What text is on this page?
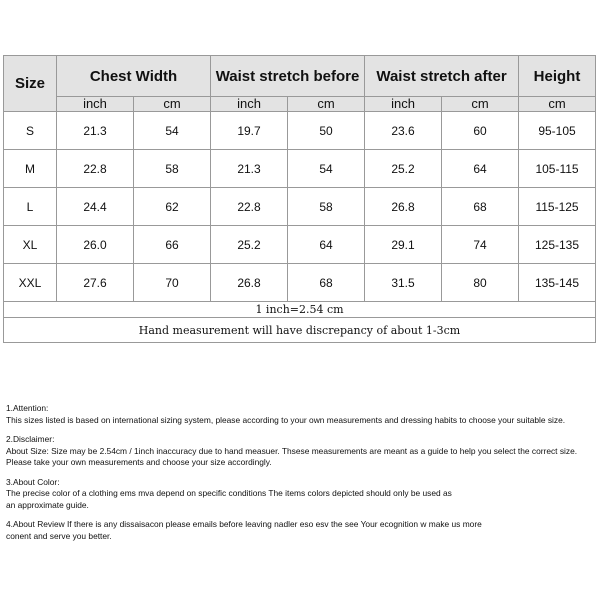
Size	Chest Width		Waist stretch before		Waist stretch after		Height
	inch	cm	inch	cm	inch	cm	cm
S	21.3	54	19.7	50	23.6	60	95-105
M	22.8	58	21.3	54	25.2	64	105-115
L	24.4	62	22.8	58	26.8	68	115-125
XL	26.0	66	25.2	64	29.1	74	125-135
XXL	27.6	70	26.8	68	31.5	80	135-145
1 inch=2.54 cm							
Hand measurement will have discrepancy of about 1-3cm							

1.Attention:

This sizes listed is based on international sizing system, please according to your own measurements and dressing habits to choose your suitable size.

2.Disclaimer:

About Size: Size may be 2.54cm / 1inch inaccuracy due to hand measuer. Thsese measurements are meant as a guide to help you select the correct size.

Please take your own measurements and choose your size accordingly.

3.About Color:

The precise color of a clothing ems mva depend on specific conditions The items colors depicted should only be used as

an approximate guide.

4.About Review If there is any dissaisacon please emails before leaving nadler eso esv the see Your ecognition w make us more

conent and serve you better.
